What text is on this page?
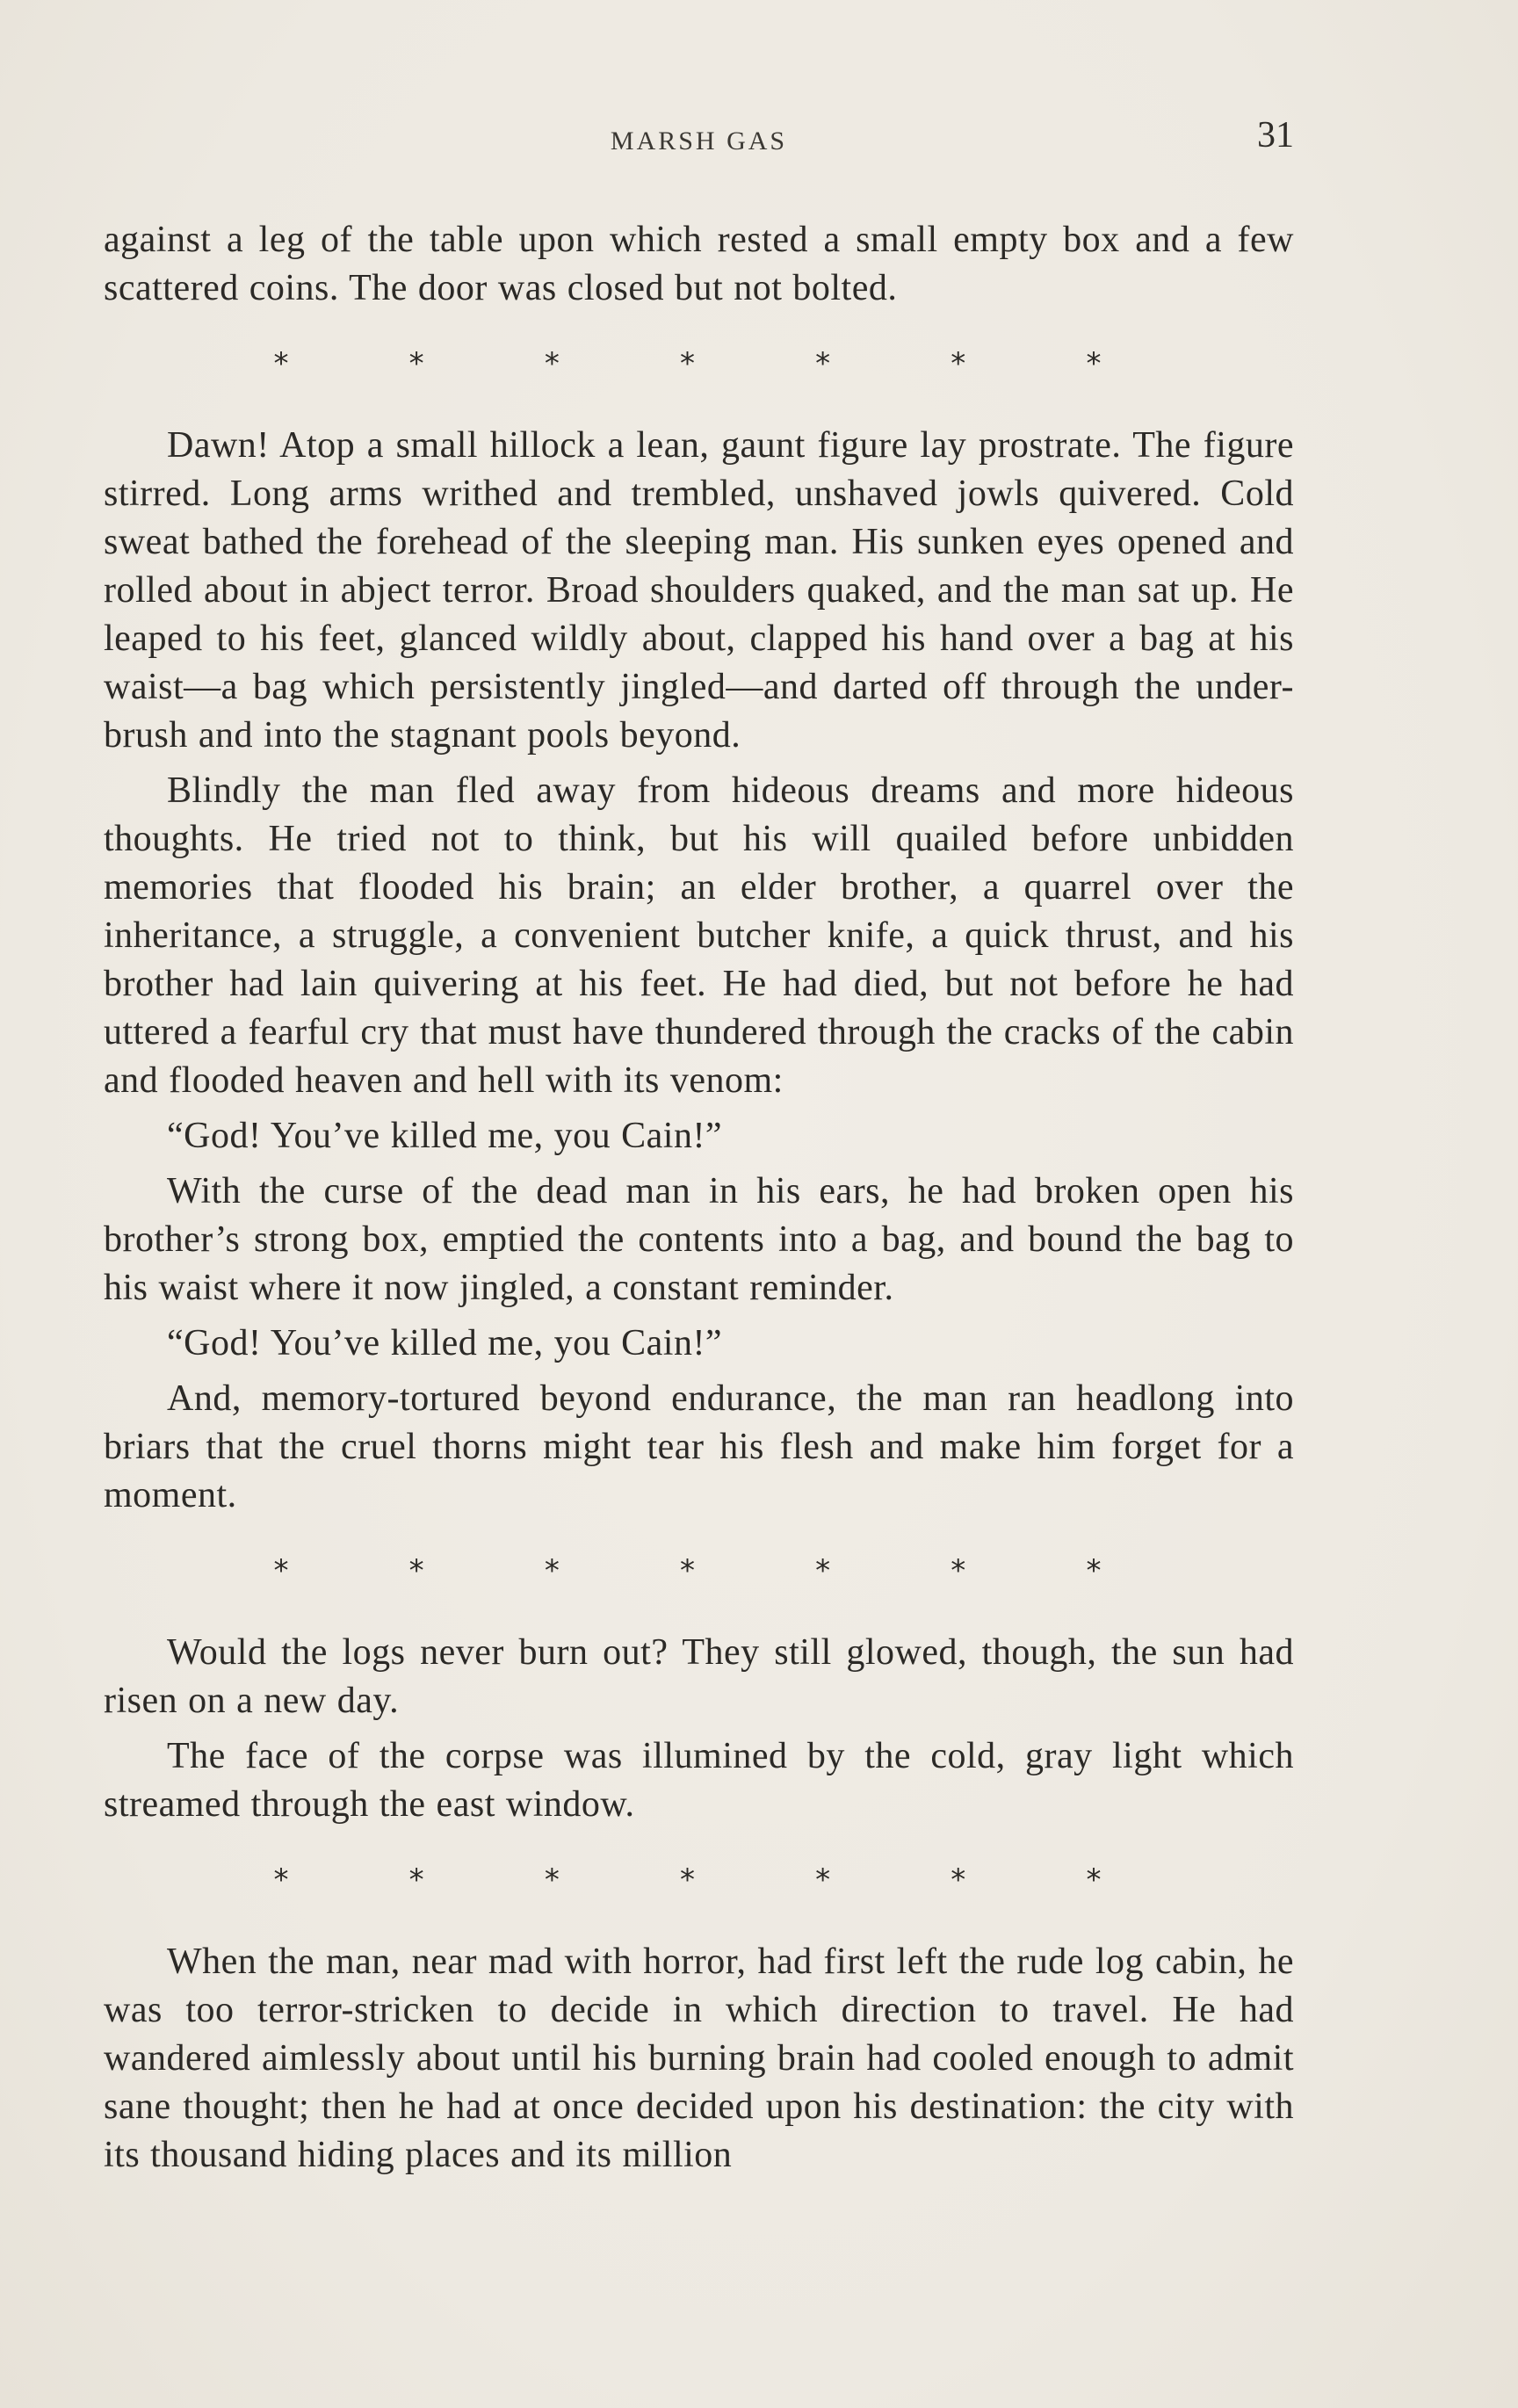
MARSH GAS	31

against a leg of the table upon which rested a small empty box and a few scattered coins. The door was closed but not bolted.

*	*	*	*	*	*	*

Dawn! Atop a small hillock a lean, gaunt figure lay prostrate. The figure stirred. Long arms writhed and trembled, unshaved jowls quivered. Cold sweat bathed the forehead of the sleeping man. His sunken eyes opened and rolled about in abject terror. Broad shoulders quaked, and the man sat up. He leaped to his feet, glanced wildly about, clapped his hand over a bag at his waist—a bag which persistently jingled—and darted off through the under-brush and into the stagnant pools beyond.

Blindly the man fled away from hideous dreams and more hideous thoughts. He tried not to think, but his will quailed before unbidden memories that flooded his brain; an elder brother, a quarrel over the inheritance, a struggle, a convenient butcher knife, a quick thrust, and his brother had lain quivering at his feet. He had died, but not before he had uttered a fearful cry that must have thundered through the cracks of the cabin and flooded heaven and hell with its venom:

“God! You’ve killed me, you Cain!”

With the curse of the dead man in his ears, he had broken open his brother’s strong box, emptied the contents into a bag, and bound the bag to his waist where it now jingled, a constant reminder.

“God! You’ve killed me, you Cain!”

And, memory-tortured beyond endurance, the man ran headlong into briars that the cruel thorns might tear his flesh and make him forget for a moment.

*	*	*	*	*	*	*

Would the logs never burn out? They still glowed, though, the sun had risen on a new day.

The face of the corpse was illumined by the cold, gray light which streamed through the east window.

*	*	*	*	*	*	*

When the man, near mad with horror, had first left the rude log cabin, he was too terror-stricken to decide in which direction to travel. He had wandered aimlessly about until his burning brain had cooled enough to admit sane thought; then he had at once decided upon his destination: the city with its thousand hiding places and its million
